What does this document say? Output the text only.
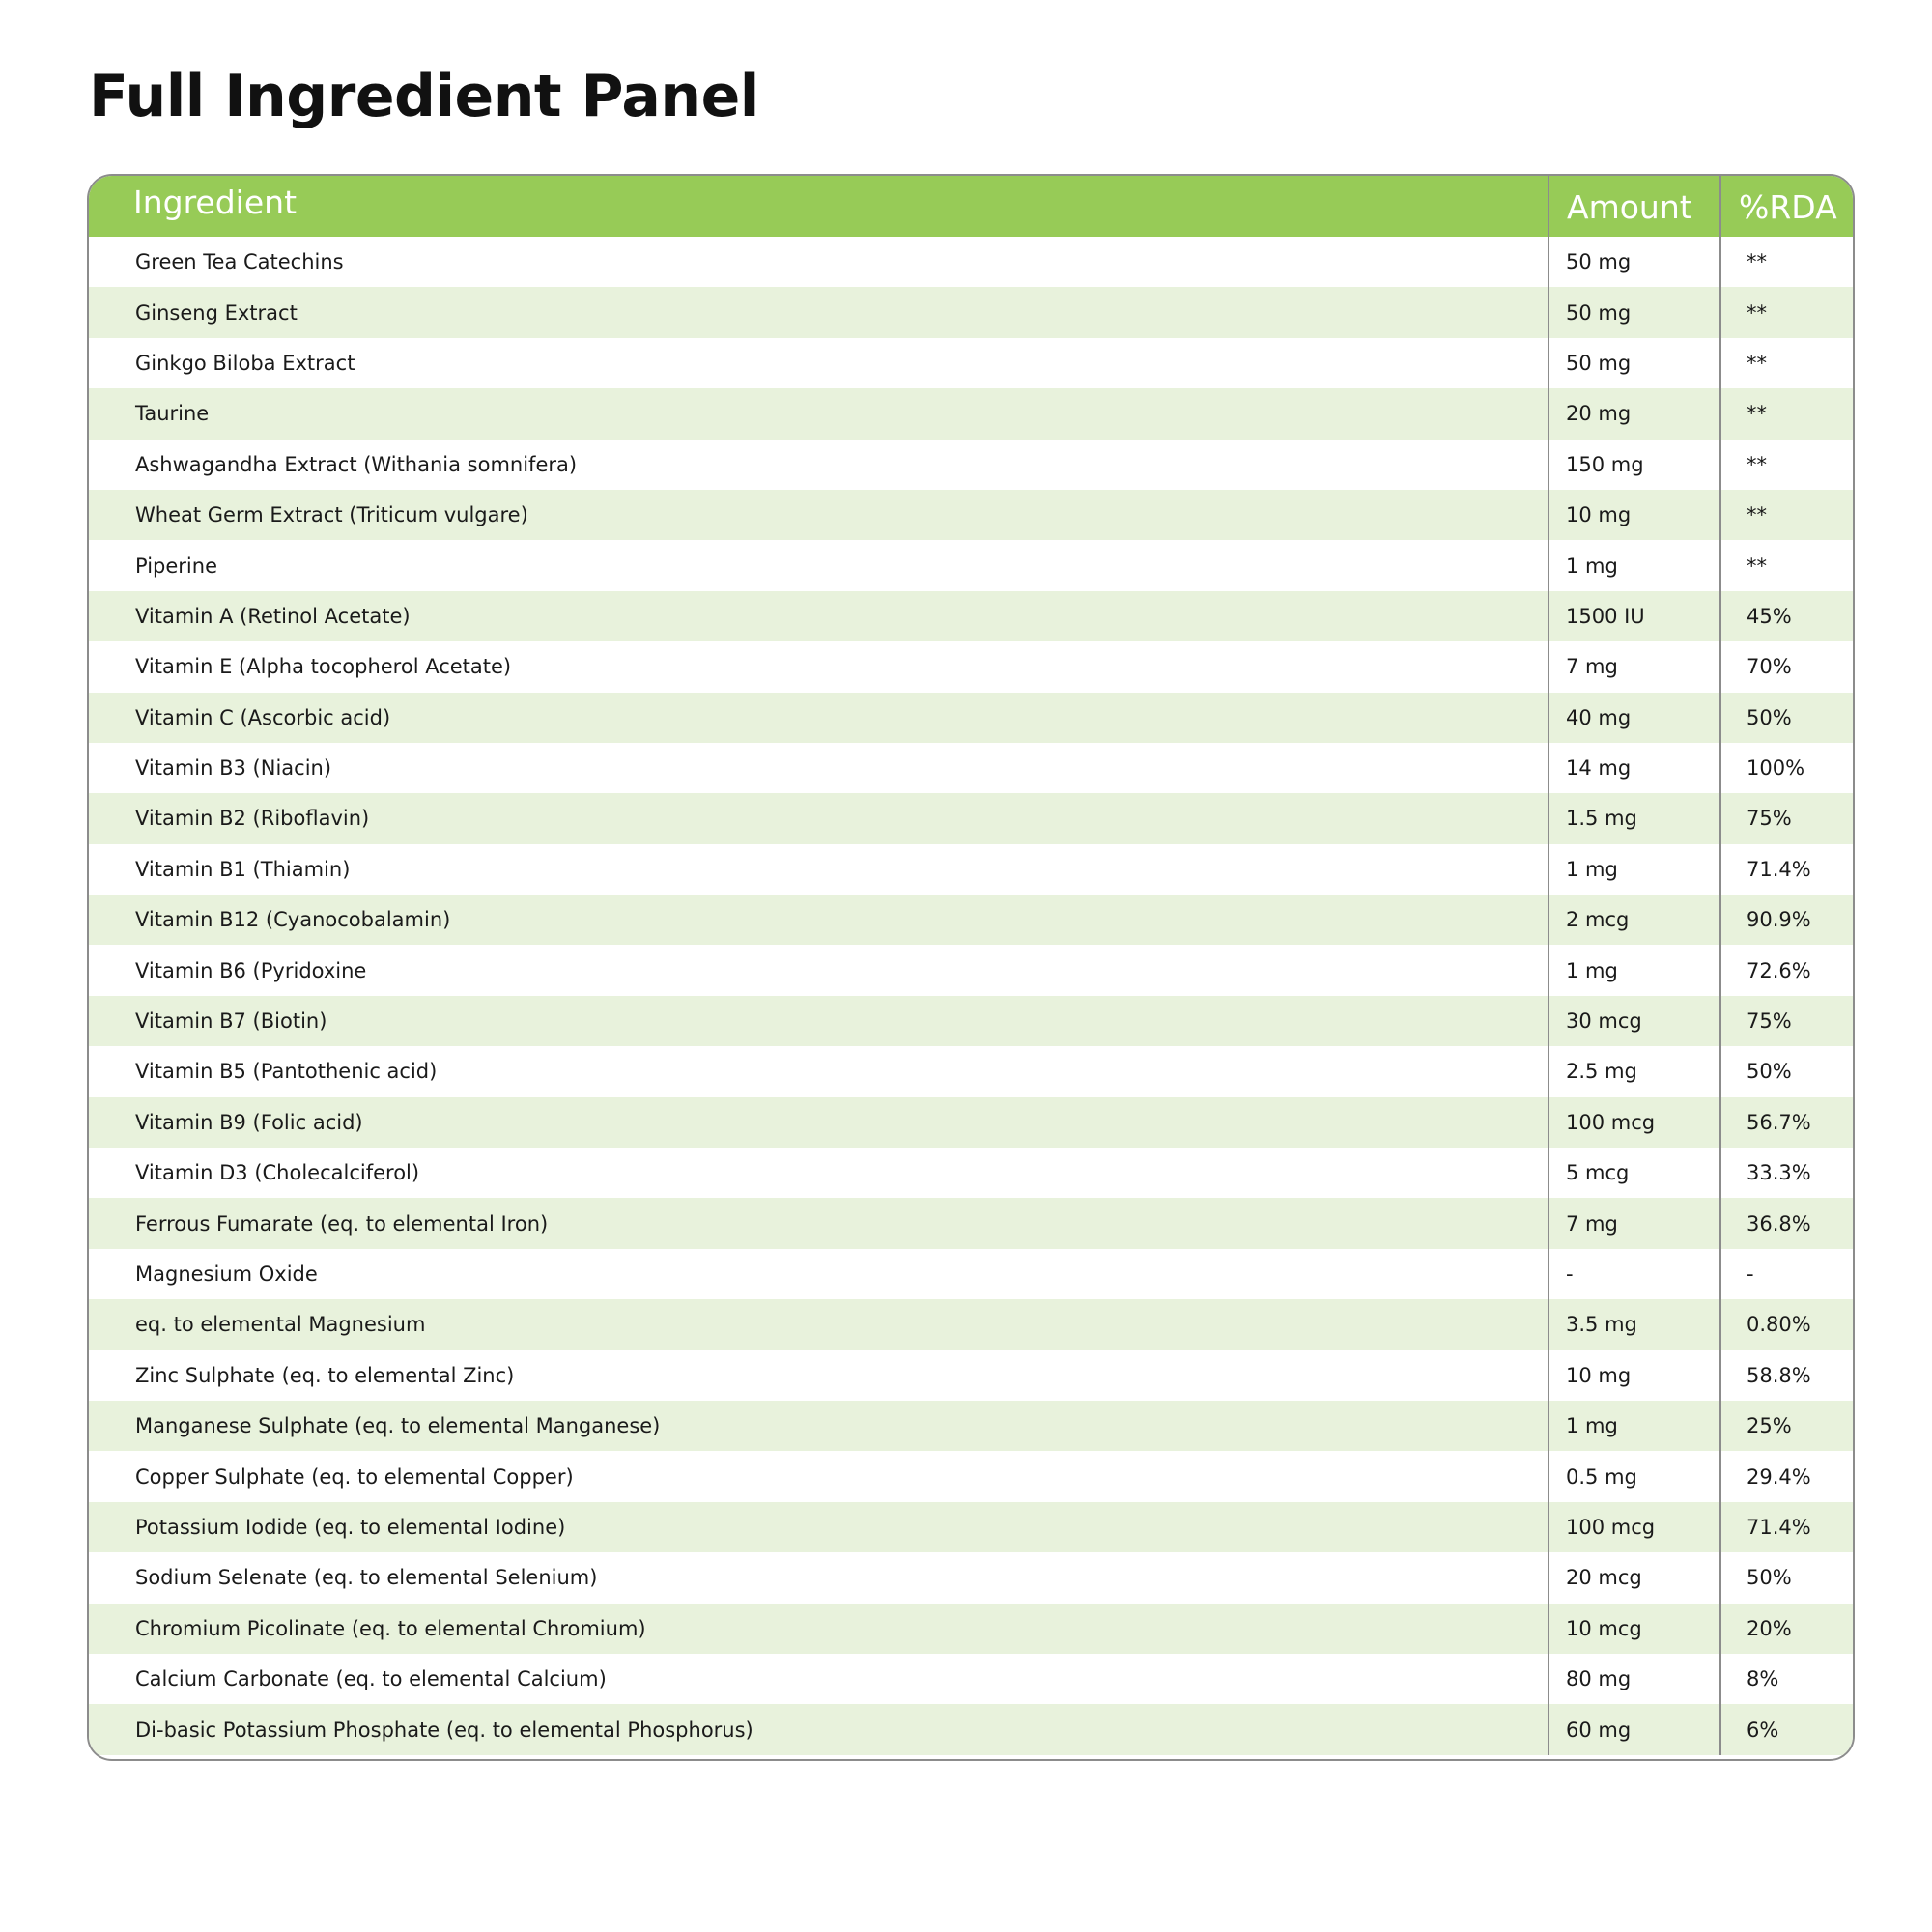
Full Ingredient Panel
Ingredient	Amount	%RDA
Green Tea Catechins	50 mg	**
Ginseng Extract	50 mg	**
Ginkgo Biloba Extract	50 mg	**
Taurine	20 mg	**
Ashwagandha Extract (Withania somnifera)	150 mg	**
Wheat Germ Extract (Triticum vulgare)	10 mg	**
Piperine	1 mg	**
Vitamin A (Retinol Acetate)	1500 IU	45%
Vitamin E (Alpha tocopherol Acetate)	7 mg	70%
Vitamin C (Ascorbic acid)	40 mg	50%
Vitamin B3 (Niacin)	14 mg	100%
Vitamin B2 (Riboflavin)	1.5 mg	75%
Vitamin B1 (Thiamin)	1 mg	71.4%
Vitamin B12 (Cyanocobalamin)	2 mcg	90.9%
Vitamin B6 (Pyridoxine	1 mg	72.6%
Vitamin B7 (Biotin)	30 mcg	75%
Vitamin B5 (Pantothenic acid)	2.5 mg	50%
Vitamin B9 (Folic acid)	100 mcg	56.7%
Vitamin D3 (Cholecalciferol)	5 mcg	33.3%
Ferrous Fumarate (eq. to elemental Iron)	7 mg	36.8%
Magnesium Oxide	-	-
eq. to elemental Magnesium	3.5 mg	0.80%
Zinc Sulphate (eq. to elemental Zinc)	10 mg	58.8%
Manganese Sulphate (eq. to elemental Manganese)	1 mg	25%
Copper Sulphate (eq. to elemental Copper)	0.5 mg	29.4%
Potassium Iodide (eq. to elemental Iodine)	100 mcg	71.4%
Sodium Selenate (eq. to elemental Selenium)	20 mcg	50%
Chromium Picolinate (eq. to elemental Chromium)	10 mcg	20%
Calcium Carbonate (eq. to elemental Calcium)	80 mg	8%
Di-basic Potassium Phosphate (eq. to elemental Phosphorus)	60 mg	6%
